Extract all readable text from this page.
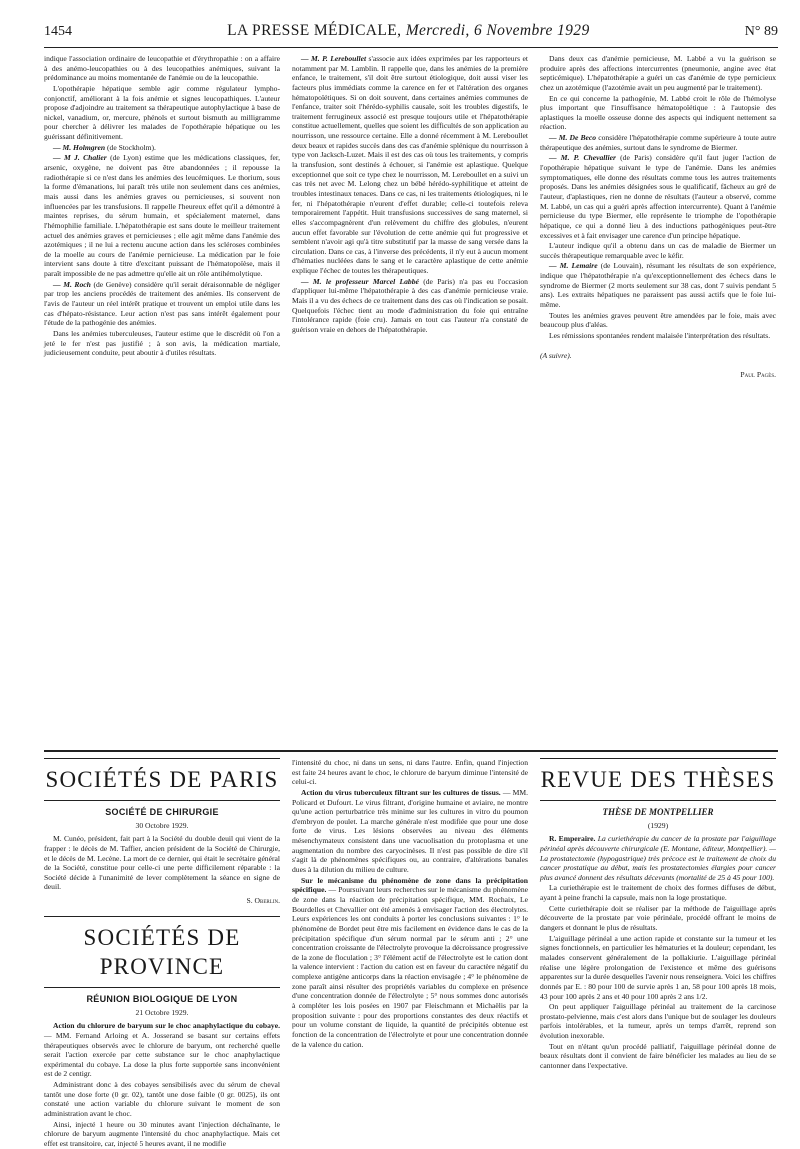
1454	LA PRESSE MÉDICALE, Mercredi, 6 Novembre 1929	N° 89

indique l'association ordinaire de leucopathie et d'érythropathie : on a affaire à des anémo-leucopathies ou à des leucopathies anémiques, suivant la prédominance au moins momentanée de l'anémie ou de la leucopathie.

L'opothérapie hépatique semble agir comme régulateur lympho-conjonctif, améliorant à la fois anémie et signes leucopathiques. L'auteur propose d'adjoindre au traitement sa thérapeutique autophylactique à base de nickel, vanadium, or, mercure, phénols et surtout bismuth au milligramme pour chercher à délivrer les malades de l'opothérapie hépatique ou les guérissant définitivement.

— M. Holmgren (de Stockholm).

— M J. Chalier (de Lyon) estime que les médications classiques, fer, arsenic, oxygène, ne doivent pas être abandonnées ; il repousse la radiothérapie si ce n'est dans les anémies des leucémiques. Le thorium, sous la forme d'émanations, lui paraît très utile non seulement dans ces anémies, mais aussi dans les anémies graves ou pernicieuses, si souvent non influencées par les transfusions. Il rappelle l'heureux effet qu'il a démontré à maintes reprises, du sérum humain, et spécialement maternel, dans l'hémophilie familiale. L'hépatothérapie est sans doute le meilleur traitement actuel des anémies graves et pernicieuses ; elle agit même dans l'anémie des azotémiques ; il ne lui a rectenu aucune action dans les scléroses combinées de la moelle au cours de l'anémie pernicieuse. La médication par le foie intervient sans doute à titre d'excitant puissant de l'hématopoïèse, mais il paraît impossible de ne pas admettre qu'elle ait un rôle antihémolytique.

— M. Roch (de Genève) considère qu'il serait déraisonnable de négliger par trop les anciens procédés de traitement des anémies. Ils conservent de l'avis de l'auteur un réel intérêt pratique et trouvent un emploi utile dans les cas d'hépato-résistance. Leur action n'est pas sans intérêt également pour l'étude de la pathogénie des anémies.

Dans les anémies tuberculeuses, l'auteur estime que le discrédit où l'on a jeté le fer n'est pas justifié ; à son avis, la médication martiale, judicieusement conduite, peut aboutir à d'utiles résultats.

— M. P. Lereboullet s'associe aux idées exprimées par les rapporteurs et notamment par M. Lamblin. Il rappelle que, dans les anémies de la première enfance, le traitement, s'il doit être surtout étiologique, doit aussi viser les facteurs plus immédiats comme la carence en fer et l'altération des organes hématopoïétiques. Si on doit souvent, dans certaines anémies communes de l'enfance, traiter soit l'hérédo-syphilis causale, soit les troubles digestifs, le traitement ferrugineux associé est presque toujours utile et l'hépatothérapie constitue actuellement, quelles que soient les difficultés de son application au nourrisson, une ressource certaine. Elle a donné récemment à M. Lereboullet deux beaux et rapides succès dans des cas d'anémie splénique du nourrisson à type von Jacksch-Luzet. Mais il est des cas où tous les traitements, y compris la transfusion, sont destinés à échouer, si l'anémie est aplastique. Quelque exceptionnel que soit ce type chez le nourrisson, M. Lereboullet en a suivi un cas très net avec M. Lelong chez un bébé hérédo-syphilitique et atteint de troubles intestinaux tenaces. Dans ce cas, ni les traitements étiologiques, ni le fer, ni l'hépatothérapie n'eurent d'effet durable; celle-ci toutefois releva temporairement l'appétit. Huit transfusions successives de sang maternel, si elles s'accompagnèrent d'un relèvement du chiffre des globules, n'eurent aucun effet favorable sur l'évolution de cette anémie qui fut progressive et semblent n'avoir agi qu'à titre substitutif par la masse de sang versée dans la circulation. Dans ce cas, à l'inverse des précédents, il n'y eut à aucun moment d'hématies nucléées dans le sang et le caractère aplastique de cette anémie explique l'échec de toutes les thérapeutiques.

— M. le professeur Marcel Labbé (de Paris) n'a pas eu l'occasion d'appliquer lui-même l'hépatothérapie à des cas d'anémie pernicieuse vraie. Mais il a vu des échecs de ce traitement dans des cas où l'indication se posait. Quelquefois l'échec tient au mode d'administration du foie qui entraîne l'intolérance rapide (foie cru). Jamais en tout cas l'auteur n'a constaté de guérison vraie en dehors de l'hépatothérapie.

Dans deux cas d'anémie pernicieuse, M. Labbé a vu la guérison se produire après des affections intercurrentes (pneumonie, angine avec état septicémique). L'hépatothérapie a guéri un cas d'anémie de type pernicieux chez un azotémique (l'azotémie avait un peu augmenté par le traitement).

En ce qui concerne la pathogénie, M. Labbé croit le rôle de l'hémolyse plus important que l'insuffisance hématopoïétique : à l'autopsie des aplastiques la moelle osseuse donne des aspects qui indiquent nettement sa réaction.

— M. De Beco considère l'hépatothérapie comme supérieure à toute autre thérapeutique des anémies, surtout dans le syndrome de Biermer.

— M. P. Chevallier (de Paris) considère qu'il faut juger l'action de l'opothérapie hépatique suivant le type de l'anémie. Dans les anémies symptomatiques, elle donne des résultats comme tous les autres traitements proposés. Dans les anémies désignées sous le qualificatif, fâcheux au gré de l'auteur, d'aplastiques, rien ne donne de résultats (l'auteur a observé, comme M. Labbé, un cas qui a guéri après affection intercurrente). Quant à l'anémie pernicieuse du type Biermer, elle représente le triomphe de l'opothérapie hépatique, ce qui a donné lieu à des inductions pathogéniques peut-être excessives et à fait envisager une carence d'un principe hépatique.

L'auteur indique qu'il a obtenu dans un cas de maladie de Biermer un succès thérapeutique remarquable avec le kéfir.

— M. Lemaire (de Louvain), résumant les résultats de son expérience, indique que l'hépatothérapie n'a qu'exceptionnellement des échecs dans le syndrome de Biermer (2 morts seulement sur 38 cas, dont 7 suivis pendant 5 ans). Les extraits hépatiques ne paraissent pas aussi actifs que le foie lui-même.

Toutes les anémies graves peuvent être amendées par le foie, mais avec beaucoup plus d'aléas.

Les rémissions spontanées rendent malaisée l'interprétation des résultats.

(A suivre).

Paul Pagès.
SOCIÉTÉS DE PARIS
SOCIÉTÉ DE CHIRURGIE
30 Octobre 1929.

M. Cunéo, président, fait part à la Société du double deuil qui vient de la frapper : le décès de M. Taffier, ancien président de la Société de Chirurgie, et le décès de M. Lecène. La mort de ce dernier, qui était le secrétaire général de la Société, constitue pour celle-ci une perte difficilement réparable : la Société décide à l'unanimité de lever complètement la séance en signe de deuil.

S. Oberlin.
SOCIÉTÉS DE PROVINCE
RÉUNION BIOLOGIQUE DE LYON
21 Octobre 1929.

Action du chlorure de baryum sur le choc anaphylactique du cobaye. — MM. Fernand Arloing et A. Josserand se basant sur certains effets thérapeutiques observés avec le chlorure de baryum, ont recherché quelle serait l'action exercée par cette substance sur le choc anaphylactique expérimental du cobaye. La dose la plus forte supportée sans inconvénient est de 2 centigr.

Administrant donc à des cobayes sensibilisés avec du sérum de cheval tantôt une dose forte (0 gr. 02), tantôt une dose faible (0 gr. 0025), ils ont constaté une action variable du chlorure suivant le moment de son administration avant le choc.

Ainsi, injecté 1 heure ou 30 minutes avant l'injection déchaînante, le chlorure de baryum augmente l'intensité du choc anaphylactique. Mais cet effet est transitoire, car, injecté 5 heures avant, il ne modifie

l'intensité du choc, ni dans un sens, ni dans l'autre. Enfin, quand l'injection est faite 24 heures avant le choc, le chlorure de baryum diminue l'intensité de celui-ci.

Action du virus tuberculeux filtrant sur les cultures de tissus. — MM. Policard et Dufourt. Le virus filtrant, d'origine humaine et aviaire, ne montre qu'une action perturbatrice très minime sur les cultures in vitro du poumon d'embryon de poulet. La marche générale n'est modifiée que pour une dose forte de virus. Les lésions observées au niveau des éléments mésenchymateux consistent dans une vacuolisation du protoplasma et une augmentation du nombre des caryocinèses. Il n'est pas possible de dire s'il s'agit là de phénomènes spécifiques ou, au contraire, d'altérations banales dues à la dilution du milieu de culture.

Sur le mécanisme du phénomène de zone dans la précipitation spécifique. — Poursuivant leurs recherches sur le mécanisme du phénomène de zone dans la réaction de précipitation spécifique, MM. Rochaix, Le Bourdelles et Chevallier ont été amenés à envisager l'action des électrolytes. Leurs expériences les ont conduits à porter les conclusions suivantes : 1° le phénomène de Bordet peut être mis facilement en évidence dans le cas de la précipitation spécifique d'un sérum normal par le sérum anti ; 2° une concentration croissante de l'électrolyte provoque la décroissance progressive de la zone de floculation ; 3° l'élément actif de l'électrolyte est le cation dont la valence intervient : l'action du cation est en faveur du caractère négatif du complexe antigène anticorps dans la réaction envisagée ; 4° le phénomène de zone paraît ainsi résulter des propriétés variables du complexe en présence d'une concentration donnée de l'électrolyte ; 5° nous sommes donc autorisés à compléter les lois posées en 1907 par Fleischmann et Michaëlis par la proposition suivante : pour des proportions constantes des deux réactifs et pour un volume constant de liquide, la quantité de précipités obtenue est fonction de la concentration de l'électrolyte et pour une concentration donnée de la valence du cation.

REVUE DES THÈSES
THÈSE DE MONTPELLIER
(1929)

R. Emperaire. La curiethérapie du cancer de la prostate par l'aiguillage périnéal après découverte chirurgicale (E. Montane, éditeur, Montpellier). — La prostatectomie (hypogastrique) très précoce est le traitement de choix du cancer prostatique au début, mais les prostatectomies élargies pour cancer plus avancé donnent des résultats décevants (mortalité de 25 à 45 pour 100).

La curiethérapie est le traitement de choix des formes diffuses de début, ayant à peine franchi la capsule, mais non la loge prostatique.

Cette curiethérapie doit se réaliser par la méthode de l'aiguillage après découverte de la prostate par voie périnéale, procédé offrant le moins de dangers et donnant le plus de résultats.

L'aiguillage périnéal a une action rapide et constante sur la tumeur et les signes fonctionnels, en particulier les hématuries et la douleur; cependant, les malades conservent généralement de la pollakiurie. L'aiguillage périnéal réalise une légère prolongation de l'existence et même des guérisons apparentes sur la durée desquelles l'avenir nous renseignera. Voici les chiffres donnés par E. : 80 pour 100 de survie après 1 an, 58 pour 100 après 18 mois, 43 pour 100 après 2 ans et 40 pour 100 après 2 ans 1/2.

On peut appliquer l'aiguillage périnéal au traitement de la carcinose prostato-pelvienne, mais c'est alors dans l'unique but de soulager les douleurs parfois intolérables, et la tumeur, après un temps d'arrêt, reprend son évolution inexorable.

Tout en n'étant qu'un procédé palliatif, l'aiguillage périnéal donne de beaux résultats dont il convient de faire bénéficier les malades au lieu de se cantonner dans l'expectative.
